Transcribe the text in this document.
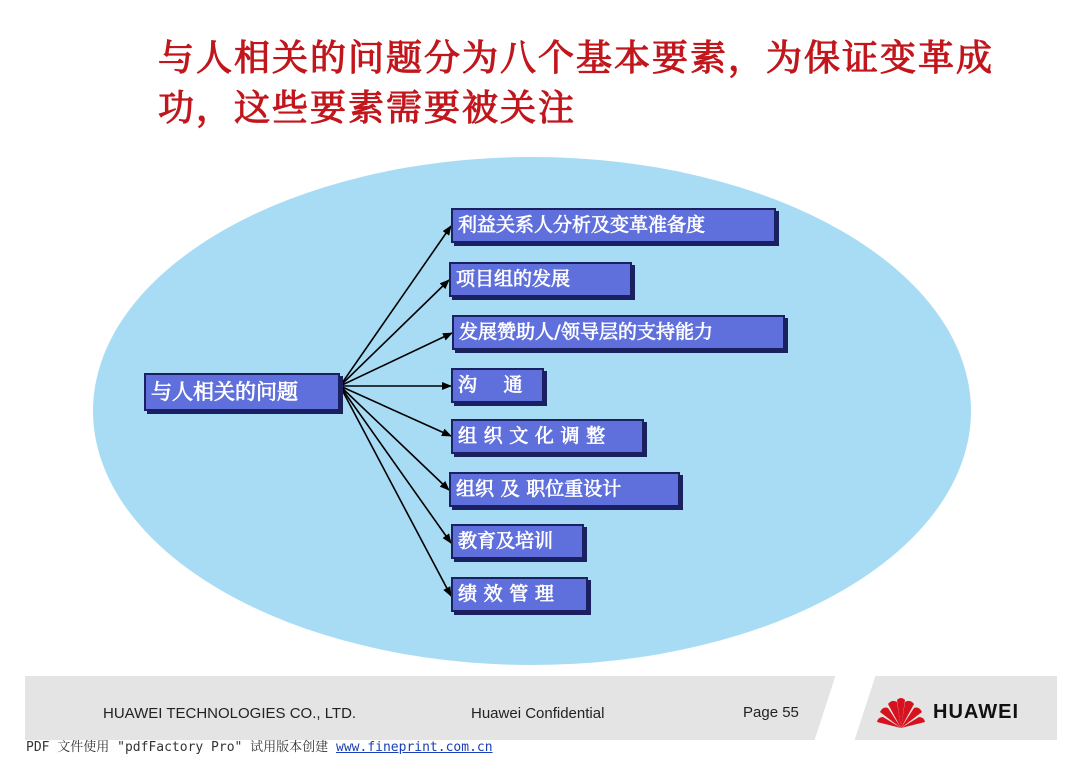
与人相关的问题分为八个基本要素，为保证变革成功，这些要素需要被关注
与人相关的问题
利益关系人分析及变革准备度
项目组的发展
发展赞助人/领导层的支持能力
沟    通
组 织 文 化 调 整
组织 及 职位重设计
教育及培训
绩 效 管 理
HUAWEI TECHNOLOGIES CO., LTD.	Huawei Confidential	Page 55	HUAWEI
PDF 文件使用 "pdfFactory Pro" 试用版本创建 www.fineprint.com.cn
